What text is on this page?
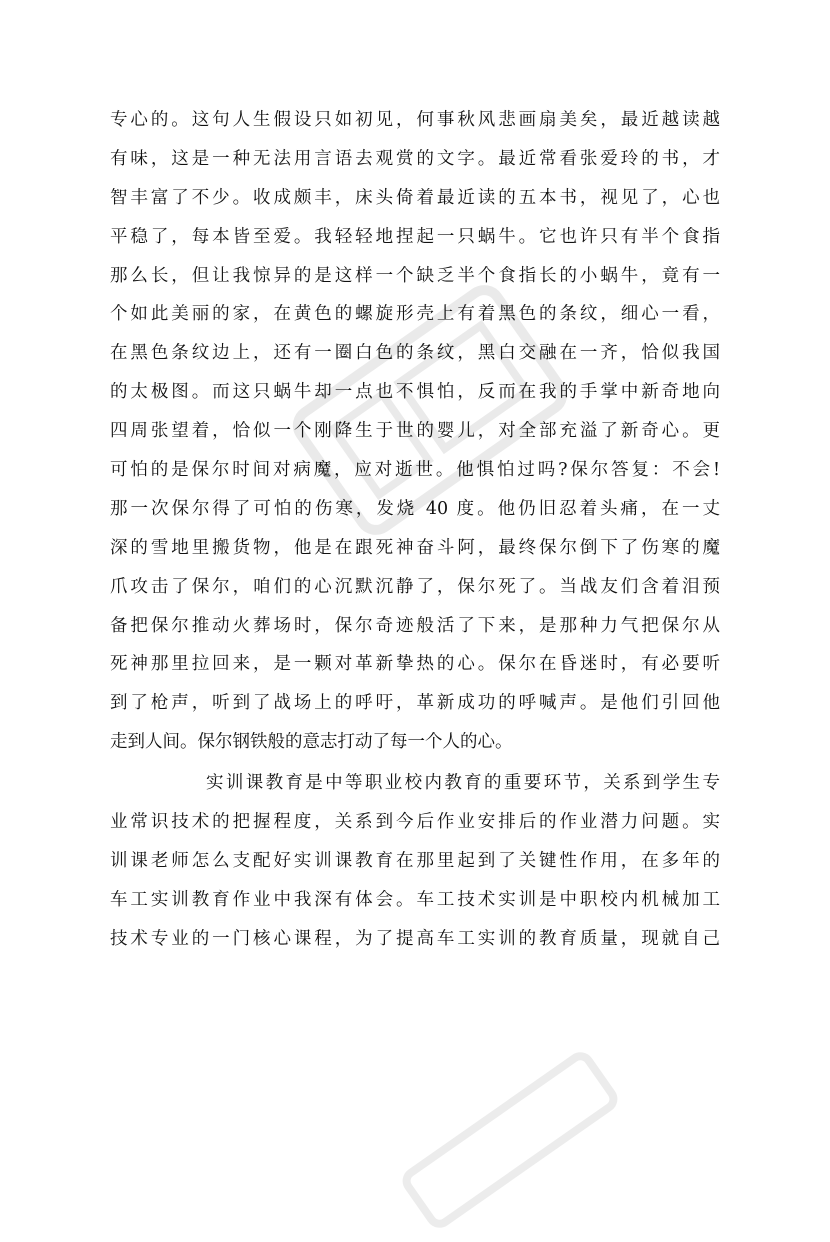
专心的。这句人生假设只如初见，何事秋风悲画扇美矣，最近越读越
有味，这是一种无法用言语去观赏的文字。最近常看张爱玲的书，才
智丰富了不少。收成颇丰，床头倚着最近读的五本书，视见了，心也
平稳了，每本皆至爱。我轻轻地捏起一只蜗牛。它也许只有半个食指
那么长，但让我惊异的是这样一个缺乏半个食指长的小蜗牛，竟有一
个如此美丽的家，在黄色的螺旋形壳上有着黑色的条纹，细心一看，
在黑色条纹边上，还有一圈白色的条纹，黑白交融在一齐，恰似我国
的太极图。而这只蜗牛却一点也不惧怕，反而在我的手掌中新奇地向
四周张望着，恰似一个刚降生于世的婴儿，对全部充溢了新奇心。更
可怕的是保尔时间对病魔，应对逝世。他惧怕过吗?保尔答复：不会!
那一次保尔得了可怕的伤寒，发烧 40 度。他仍旧忍着头痛，在一丈
深的雪地里搬货物，他是在跟死神奋斗阿，最终保尔倒下了伤寒的魔
爪攻击了保尔，咱们的心沉默沉静了，保尔死了。当战友们含着泪预
备把保尔推动火葬场时，保尔奇迹般活了下来，是那种力气把保尔从
死神那里拉回来，是一颗对革新挚热的心。保尔在昏迷时，有必要听
到了枪声，听到了战场上的呼吁，革新成功的呼喊声。是他们引回他
走到人间。保尔钢铁般的意志打动了每一个人的心。
实训课教育是中等职业校内教育的重要环节，关系到学生专
业常识技术的把握程度，关系到今后作业安排后的作业潜力问题。实
训课老师怎么支配好实训课教育在那里起到了关键性作用，在多年的
车工实训教育作业中我深有体会。车工技术实训是中职校内机械加工
技术专业的一门核心课程，为了提高车工实训的教育质量，现就自己
